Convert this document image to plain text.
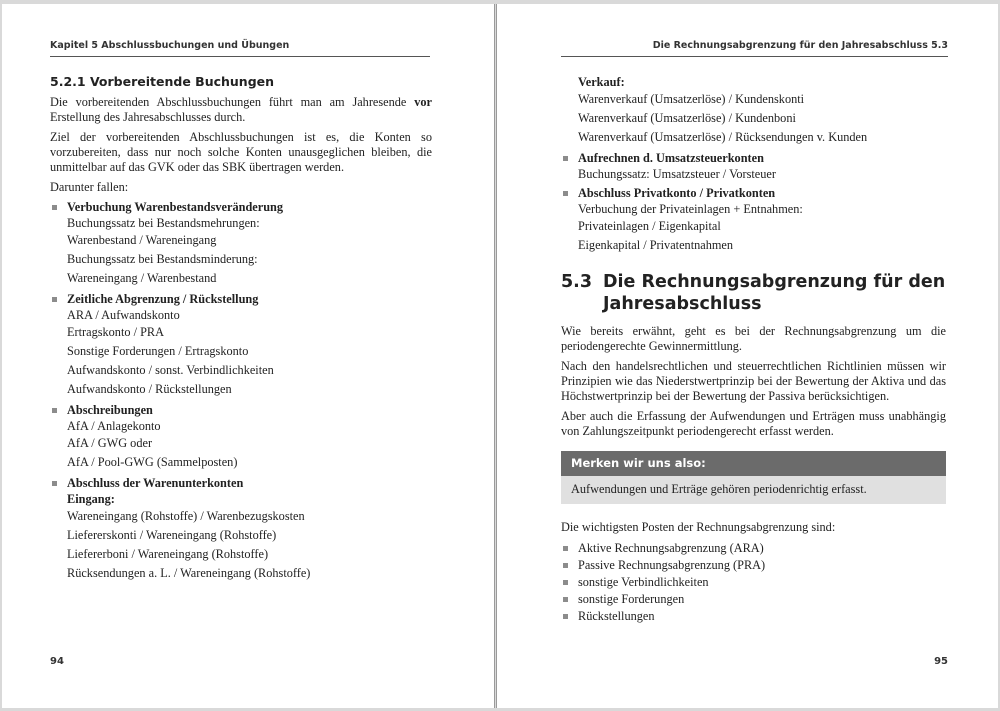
Kapitel 5 Abschlussbuchungen und Übungen
5.2.1 Vorbereitende Buchungen

Die vorbereitenden Abschlussbuchungen führt man am Jahresende vor Erstellung des Jahresabschlusses durch.

Ziel der vorbereitenden Abschlussbuchungen ist es, die Konten so vorzubereiten, dass nur noch solche Konten unausgeglichen bleiben, die unmittelbar auf das GVK oder das SBK übertragen werden.

Darunter fallen:

Verbuchung Warenbestandsveränderung
Buchungssatz bei Bestandsmehrungen:
Warenbestand / Wareneingang
Buchungssatz bei Bestandsminderung:
Wareneingang / Warenbestand
Zeitliche Abgrenzung / Rückstellung
ARA / Aufwandskonto
Ertragskonto / PRA
Sonstige Forderungen / Ertragskonto
Aufwandskonto / sonst. Verbindlichkeiten
Aufwandskonto / Rückstellungen
Abschreibungen
AfA / Anlagekonto
AfA / GWG oder
AfA / Pool-GWG (Sammelposten)
Abschluss der Warenunterkonten
Eingang:
Wareneingang (Rohstoffe) / Warenbezugskosten
Liefererskonti / Wareneingang (Rohstoffe)
Liefererboni / Wareneingang (Rohstoffe)
Rücksendungen a. L. / Wareneingang (Rohstoffe)
94
Die Rechnungsabgrenzung für den Jahresabschluss 5.3
Verkauf:
Warenverkauf (Umsatzerlöse) / Kundenskonti
Warenverkauf (Umsatzerlöse) / Kundenboni
Warenverkauf (Umsatzerlöse) / Rücksendungen v. Kunden
Aufrechnen d. Umsatzsteuerkonten
Buchungssatz: Umsatzsteuer / Vorsteuer
Abschluss Privatkonto / Privatkonten
Verbuchung der Privateinlagen + Entnahmen:
Privateinlagen / Eigenkapital
Eigenkapital / Privatentnahmen
5.3 Die Rechnungsabgrenzung für den Jahresabschluss

Wie bereits erwähnt, geht es bei der Rechnungsabgrenzung um die periodengerechte Gewinnermittlung.

Nach den handelsrechtlichen und steuerrechtlichen Richtlinien müssen wir Prinzipien wie das Niederstwertprinzip bei der Bewertung der Aktiva und das Höchstwertprinzip bei der Bewertung der Passiva berücksichtigen.

Aber auch die Erfassung der Aufwendungen und Erträgen muss unabhängig von Zahlungszeitpunkt periodengerecht erfasst werden.

Merken wir uns also:
Aufwendungen und Erträge gehören periodenrichtig erfasst.

Die wichtigsten Posten der Rechnungsabgrenzung sind:

Aktive Rechnungsabgrenzung (ARA)
Passive Rechnungsabgrenzung (PRA)
sonstige Verbindlichkeiten
sonstige Forderungen
Rückstellungen
95
